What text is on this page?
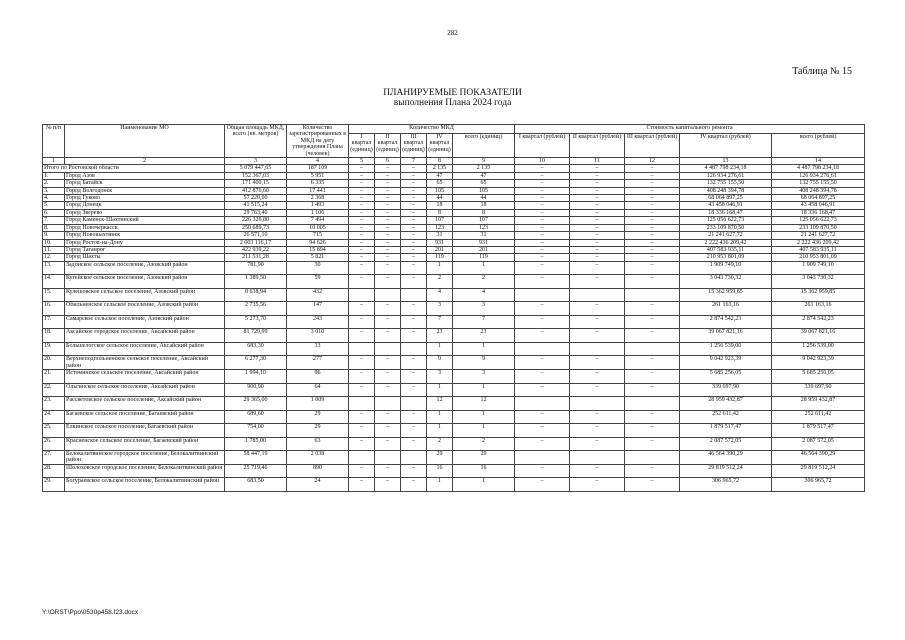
282
Таблица № 15
ПЛАНИРУЕМЫЕ ПОКАЗАТЕЛИ
выполнения Плана 2024 года
№ п/п	Наименование МО	Общая площадь МКД, всего (кв. метров)	Количество зарегистрированных в МКД на дату утверждения Плана (человек)	Количество МКД					Стоимость капитального ремонта				
				I квартал (единиц)	II квартал (единиц)	III квартал (единиц)	IV квартал (единиц)	всего (единиц)	I квартал (рублей)	II квартал (рублей)	III квартал (рублей)	IV квартал (рублей)	всего (рублей)
1	2	3	4	5	6	7	8	9	10	11	12	13	14
Итого по Ростовской области		5 079 447,65	187 109	–	–	–	2 135	2 135	–	–	–	4 487 798 234,18	4 487 798 234,18
1.	Город Азов	152 367,03	5 951	–	–	–	47	47	–	–	–	126 934 276,61	126 934 276,61
2.	Город Батайск	171 400,15	6 335	–	–	–	65	65	–	–	–	132 755 155,50	132 755 155,50
3.	Город Волгодонск	412 876,60	17 441	–	–	–	105	105	–	–	–	408 248 394,78	408 248 394,78
4.	Город Гуково	57 220,00	2 368	–	–	–	44	44	–	–	–	68 064 897,25	68 064 897,25
5.	Город Донецк	41 515,24	1 493	–	–	–	18	18	–	–	–	43 458 046,91	43 458 046,91
6.	Город Зверево	29 763,40	1 106	–	–	–	8	8	–	–	–	18 336 168,47	18 336 168,47
7.	Город Каменск-Шахтинский	226 326,80	7 494	–	–	–	107	107	–	–	–	125 056 622,73	125 056 622,73
8.	Город Новочеркасск	250 689,73	10 005	–	–	–	123	123	–	–	–	233 109 870,50	233 109 870,50
9.	Город Новошахтинск	26 571,10	715	–	–	–	31	31	–	–	–	21 241 627,72	21 241 627,72
10.	Город Ростов-на-Дону	2 003 116,17	94 626	–	–	–	931	931	–	–	–	2 222 436 209,42	2 222 436 209,42
11.	Город Таганрог	422 939,22	15 894	–	–	–	201	201	–	–	–	407 583 935,11	407 583 935,11
12.	Город Шахты	211 531,28	5 821	–	–	–	119	119	–	–	–	210 953 801,09	210 953 801,09
13.	Задонское сельское поселение, Азовский район	781,90	30	–	–	–	1	1	–	–	–	1 909 749,10	1 909 749,10
14.	Кугейское сельское поселение, Азовский район	1 389,50	59	–	–	–	2	2	–	–	–	3 043 730,32	3 043 730,32
15.	Кулешовское сельское поселение, Азовский район	8 638,94	432				4	4				15 362 959,85	15 362 959,85
16.	Обильненское сельское поселение, Азовский район	2 735,56	147	–	–	–	3	3	–	–	–	261 163,16	261 163,16
17.	Самарское сельское поселение, Азовский район	5 273,70	243	–	–	–	7	7	–	–	–	2 874 542,23	2 874 542,23
18.	Аксайское городское поселение, Аксайский район	81 729,99	3 010	–	–	–	23	23	–	–	–	39 067 821,16	39 067 821,16
19.	Большелогское сельское поселение, Аксайский район	683,30	33				1	1				1 256 539,00	1 256 539,00
20.	Верхнеподпольненское сельское поселение, Аксайский район	6 277,30	277	–	–	–	9	9	–	–	–	9 042 923,39	9 042 923,39
21.	Истоминское сельское поселение, Аксайский район	1 994,10	96	–	–	–	3	3	–	–	–	5 685 256,05	5 685 256,05
22.	Ольгинское сельское поселение, Аксайский район	900,90	64	–	–	–	1	1	–	–	–	339 697,90	339 697,90
23.	Рассветовское сельское поселение, Аксайский район	29 365,00	1 009				12	12				28 959 432,87	28 959 432,87
24.	Багаевское сельское поселение, Багаевский район	689,60	29	–	–	–	1	1	–	–	–	252 611,42	252 611,42
25.	Ёлкинское сельское поселение, Багаевский район	754,00	29	–	–	–	1	1	–	–	–	1 879 517,47	1 879 517,47
26.	Красненское сельское поселение, Багаевский район	1 785,00	63	–	–	–	2	2	–	–	–	2 087 572,05	2 087 572,05
27.	Белокалитвинское городское поселение, Белокалитвинский район	58 447,19	2 038				29	29				46 564 390,29	46 564 390,29
28.	Шолоховское городское поселение, Белокалитвинский район	25 719,46	890	–	–	–	16	16	–	–	–	29 819 512,24	29 819 512,24
29.	Богураевское сельское поселение, Белокалитвинский район	683,50	24	–	–	–	1	1	–	–	–	306 965,72	306 965,72
Y:\ORST\Ppo\0530p458.f23.docx
